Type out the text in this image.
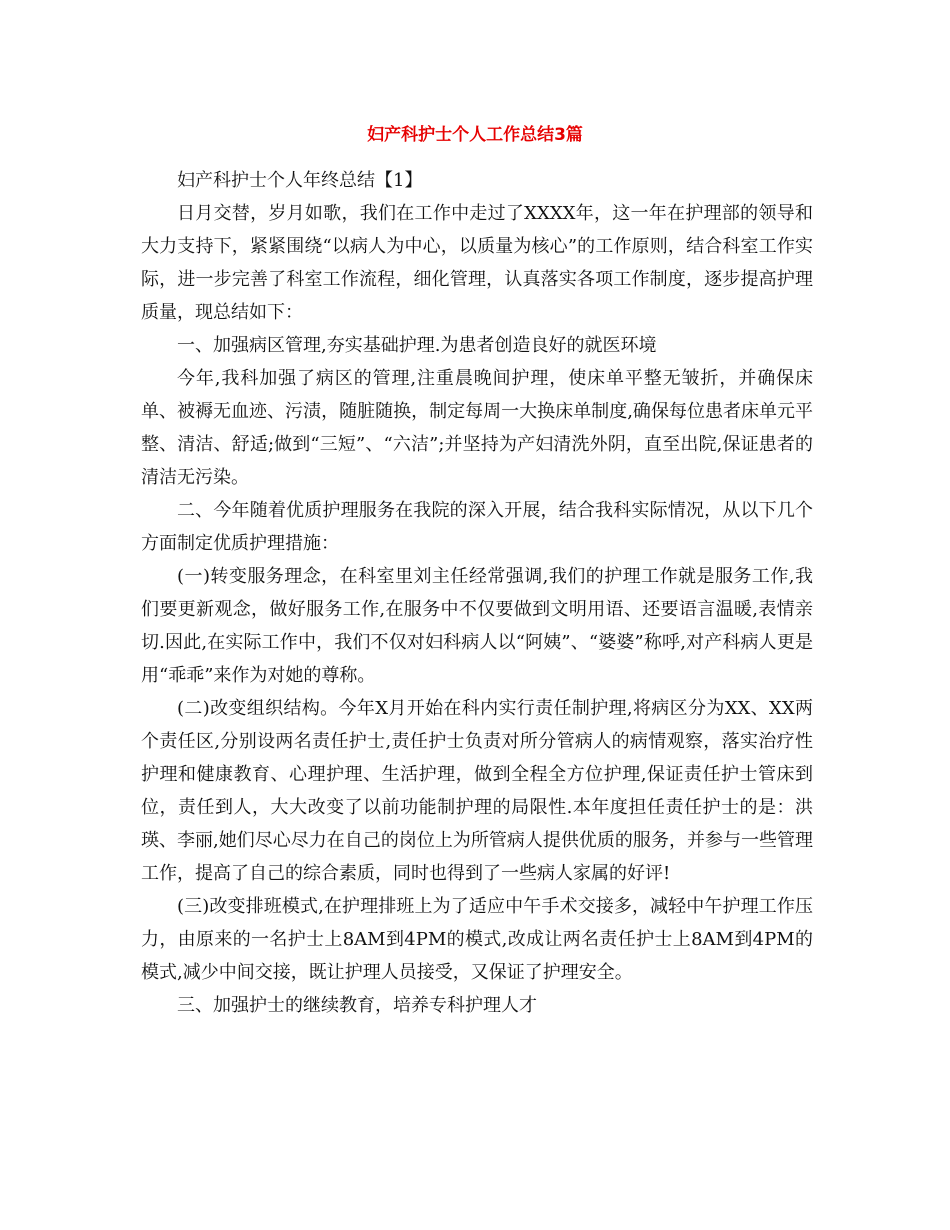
妇产科护士个人工作总结3篇

妇产科护士个人年终总结【1】

日月交替，岁月如歌，我们在工作中走过了XXXX年，这一年在护理部的领导和大力支持下，紧紧围绕“以病人为中心，以质量为核心”的工作原则，结合科室工作实际，进一步完善了科室工作流程，细化管理，认真落实各项工作制度，逐步提高护理质量，现总结如下：

一、加强病区管理,夯实基础护理.为患者创造良好的就医环境

今年,我科加强了病区的管理,注重晨晚间护理，使床单平整无皱折，并确保床单、被褥无血迹、污渍，随脏随换，制定每周一大换床单制度,确保每位患者床单元平整、清洁、舒适;做到“三短”、“六洁”;并坚持为产妇清洗外阴，直至出院,保证患者的清洁无污染。

二、今年随着优质护理服务在我院的深入开展，结合我科实际情况，从以下几个方面制定优质护理措施：

(一)转变服务理念，在科室里刘主任经常强调,我们的护理工作就是服务工作,我们要更新观念，做好服务工作,在服务中不仅要做到文明用语、还要语言温暖,表情亲切.因此,在实际工作中，我们不仅对妇科病人以“阿姨”、“婆婆”称呼,对产科病人更是用“乖乖”来作为对她的尊称。

(二)改变组织结构。今年X月开始在科内实行责任制护理,将病区分为XX、XX两个责任区,分别设两名责任护士,责任护士负责对所分管病人的病情观察，落实治疗性护理和健康教育、心理护理、生活护理，做到全程全方位护理,保证责任护士管床到位，责任到人，大大改变了以前功能制护理的局限性.本年度担任责任护士的是：洪瑛、李丽,她们尽心尽力在自己的岗位上为所管病人提供优质的服务，并参与一些管理工作，提高了自己的综合素质，同时也得到了一些病人家属的好评!

(三)改变排班模式,在护理排班上为了适应中午手术交接多，减轻中午护理工作压力，由原来的一名护士上8AM到4PM的模式,改成让两名责任护士上8AM到4PM的模式,减少中间交接，既让护理人员接受，又保证了护理安全。

三、加强护士的继续教育，培养专科护理人才
